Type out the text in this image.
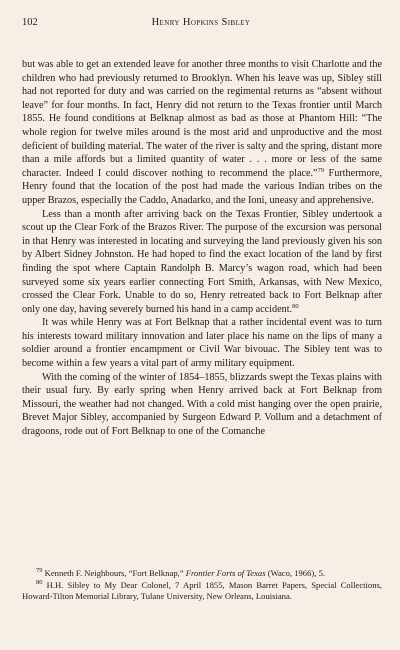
102	Henry Hopkins Sibley

but was able to get an extended leave for another three months to visit Charlotte and the children who had previously returned to Brooklyn. When his leave was up, Sibley still had not reported for duty and was carried on the regimental returns as “absent without leave” for four months. In fact, Henry did not return to the Texas frontier until March 1855. He found conditions at Belknap almost as bad as those at Phantom Hill: “The whole region for twelve miles around is the most arid and unproductive and the most deficient of building material. The water of the river is salty and the spring, distant more than a mile affords but a limited quantity of water . . . more or less of the same character. Indeed I could discover nothing to recommend the place.”$^{79}$ Furthermore, Henry found that the location of the post had made the various Indian tribes on the upper Brazos, especially the Caddo, Anadarko, and the Ioni, uneasy and apprehensive.

Less than a month after arriving back on the Texas Frontier, Sibley undertook a scout up the Clear Fork of the Brazos River. The purpose of the excursion was personal in that Henry was interested in locating and surveying the land previously given his son by Albert Sidney Johnston. He had hoped to find the exact location of the land by first finding the spot where Captain Randolph B. Marcy’s wagon road, which had been surveyed some six years earlier connecting Fort Smith, Arkansas, with New Mexico, crossed the Clear Fork. Unable to do so, Henry retreated back to Fort Belknap after only one day, having severely burned his hand in a camp accident.$^{80}$

It was while Henry was at Fort Belknap that a rather incidental event was to turn his interests toward military innovation and later place his name on the lips of many a soldier around a frontier encampment or Civil War bivouac. The Sibley tent was to become within a few years a vital part of army military equipment.

With the coming of the winter of 1854–1855, blizzards swept the Texas plains with their usual fury. By early spring when Henry arrived back at Fort Belknap from Missouri, the weather had not changed. With a cold mist hanging over the open prairie, Brevet Major Sibley, accompanied by Surgeon Edward P. Vollum and a detachment of dragoons, rode out of Fort Belknap to one of the Comanche

$^{79}$ Kenneth F. Neighbours, “Fort Belknap,” Frontier Forts of Texas (Waco, 1966), 5.

$^{80}$ H.H. Sibley to My Dear Colonel, 7 April 1855, Mason Barret Papers, Special Collections, Howard-Tilton Memorial Library, Tulane University, New Orleans, Louisiana.
